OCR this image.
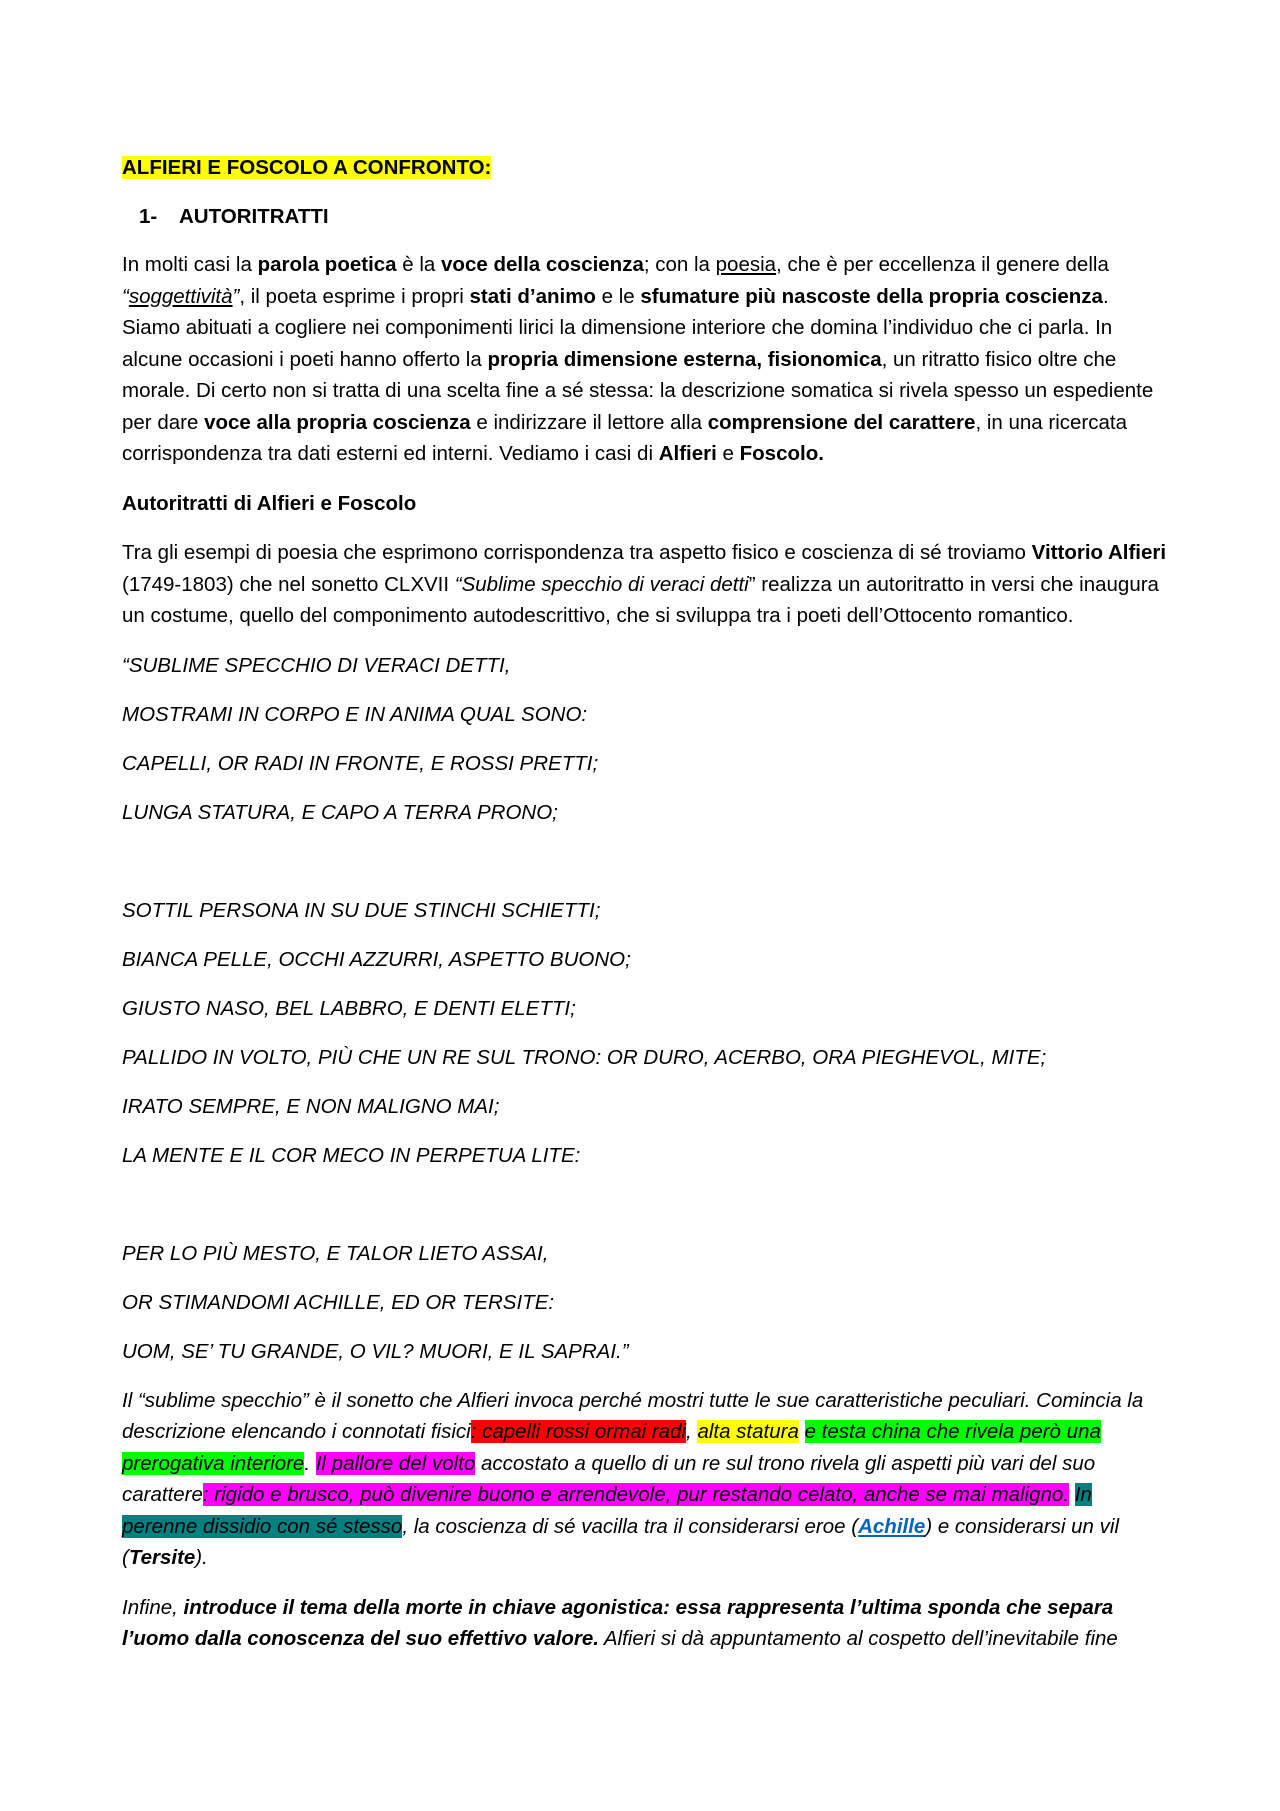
ALFIERI E FOSCOLO A CONFRONTO:

1- AUTORITRATTI

In molti casi la parola poetica è la voce della coscienza; con la poesia, che è per eccellenza il genere della “soggettività”, il poeta esprime i propri stati d’animo e le sfumature più nascoste della propria coscienza. Siamo abituati a cogliere nei componimenti lirici la dimensione interiore che domina l’individuo che ci parla. In alcune occasioni i poeti hanno offerto la propria dimensione esterna, fisionomica, un ritratto fisico oltre che morale. Di certo non si tratta di una scelta fine a sé stessa: la descrizione somatica si rivela spesso un espediente per dare voce alla propria coscienza e indirizzare il lettore alla comprensione del carattere, in una ricercata corrispondenza tra dati esterni ed interni. Vediamo i casi di Alfieri e Foscolo.

Autoritratti di Alfieri e Foscolo

Tra gli esempi di poesia che esprimono corrispondenza tra aspetto fisico e coscienza di sé troviamo Vittorio Alfieri (1749-1803) che nel sonetto CLXVII “Sublime specchio di veraci detti” realizza un autoritratto in versi che inaugura un costume, quello del componimento autodescrittivo, che si sviluppa tra i poeti dell’Ottocento romantico.

“SUBLIME SPECCHIO DI VERACI DETTI,

MOSTRAMI IN CORPO E IN ANIMA QUAL SONO:

CAPELLI, OR RADI IN FRONTE, E ROSSI PRETTI;

LUNGA STATURA, E CAPO A TERRA PRONO;

SOTTIL PERSONA IN SU DUE STINCHI SCHIETTI;

BIANCA PELLE, OCCHI AZZURRI, ASPETTO BUONO;

GIUSTO NASO, BEL LABBRO, E DENTI ELETTI;

PALLIDO IN VOLTO, PIÙ CHE UN RE SUL TRONO: OR DURO, ACERBO, ORA PIEGHEVOL, MITE;

IRATO SEMPRE, E NON MALIGNO MAI;

LA MENTE E IL COR MECO IN PERPETUA LITE:

PER LO PIÙ MESTO, E TALOR LIETO ASSAI,

OR STIMANDOMI ACHILLE, ED OR TERSITE:

UOM, SE’ TU GRANDE, O VIL? MUORI, E IL SAPRAI.”

Il “sublime specchio” è il sonetto che Alfieri invoca perché mostri tutte le sue caratteristiche peculiari. Comincia la descrizione elencando i connotati fisici: capelli rossi ormai radi, alta statura e testa china che rivela però una prerogativa interiore. Il pallore del volto accostato a quello di un re sul trono rivela gli aspetti più vari del suo carattere: rigido e brusco, può divenire buono e arrendevole, pur restando celato, anche se mai maligno. In perenne dissidio con sé stesso, la coscienza di sé vacilla tra il considerarsi eroe (Achille) e considerarsi un vil (Tersite).

Infine, introduce il tema della morte in chiave agonistica: essa rappresenta l’ultima sponda che separa l’uomo dalla conoscenza del suo effettivo valore. Alfieri si dà appuntamento al cospetto dell’inevitabile fine
